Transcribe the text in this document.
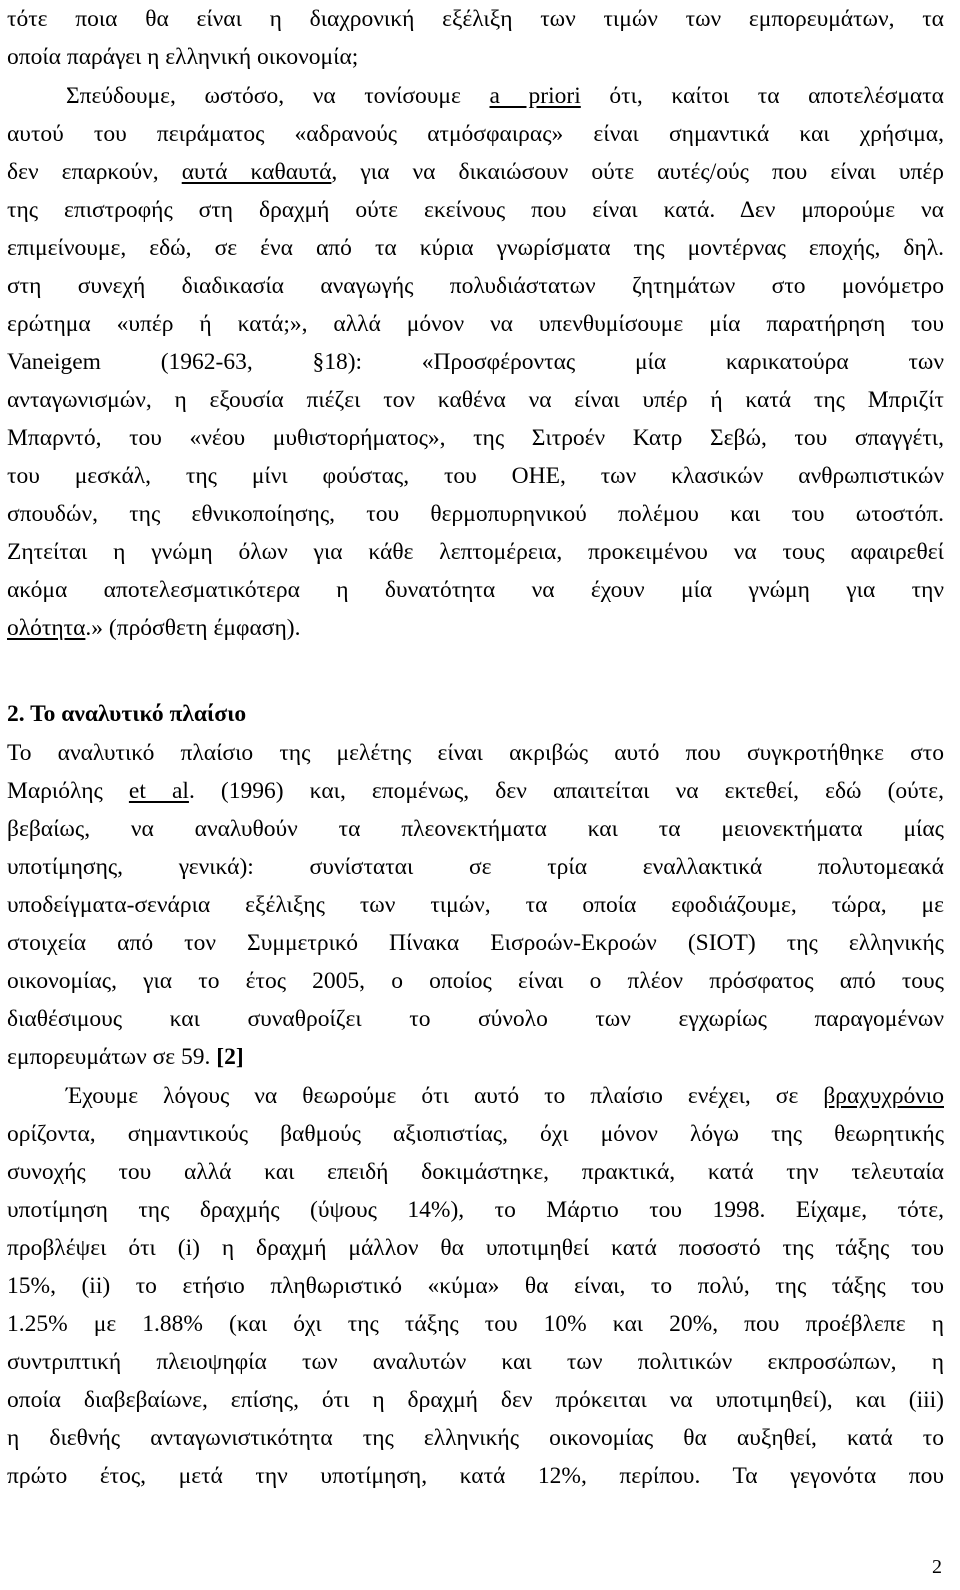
τότε ποια θα είναι η διαχρονική εξέλιξη των τιμών των εμπορευμάτων, τα
οποία παράγει η ελληνική οικονομία;
Σπεύδουμε, ωστόσο, να τονίσουμε a priori ότι, καίτοι τα αποτελέσματα
αυτού του πειράματος «αδρανούς ατμόσφαιρας» είναι σημαντικά και χρήσιμα,
δεν επαρκούν, αυτά καθαυτά, για να δικαιώσουν ούτε αυτές/ούς που είναι υπέρ
της επιστροφής στη δραχμή ούτε εκείνους που είναι κατά. Δεν μπορούμε να
επιμείνουμε, εδώ, σε ένα από τα κύρια γνωρίσματα της μοντέρνας εποχής, δηλ.
στη συνεχή διαδικασία αναγωγής πολυδιάστατων ζητημάτων στο μονόμετρο
ερώτημα «υπέρ ή κατά;», αλλά μόνον να υπενθυμίσουμε μία παρατήρηση του
Vaneigem (1962-63, §18): «Προσφέροντας μία καρικατούρα των
ανταγωνισμών, η εξουσία πιέζει τον καθένα να είναι υπέρ ή κατά της Μπριζίτ
Μπαρντό, του «νέου μυθιστορήματος», της Σιτροέν Κατρ Σεβώ, του σπαγγέτι,
του μεσκάλ, της μίνι φούστας, του ΟΗΕ, των κλασικών ανθρωπιστικών
σπουδών, της εθνικοποίησης, του θερμοπυρηνικού πολέμου και του ωτοστόπ.
Ζητείται η γνώμη όλων για κάθε λεπτομέρεια, προκειμένου να τους αφαιρεθεί
ακόμα αποτελεσματικότερα η δυνατότητα να έχουν μία γνώμη για την
ολότητα.» (πρόσθετη έμφαση).
2. Το αναλυτικό πλαίσιο
Το αναλυτικό πλαίσιο της μελέτης είναι ακριβώς αυτό που συγκροτήθηκε στο
Μαριόλης et al. (1996) και, επομένως, δεν απαιτείται να εκτεθεί, εδώ (ούτε,
βεβαίως, να αναλυθούν τα πλεονεκτήματα και τα μειονεκτήματα μίας
υποτίμησης, γενικά): συνίσταται σε τρία εναλλακτικά πολυτομεακά
υποδείγματα-σενάρια εξέλιξης των τιμών, τα οποία εφοδιάζουμε, τώρα, με
στοιχεία από τον Συμμετρικό Πίνακα Εισροών-Εκροών (SIOT) της ελληνικής
οικονομίας, για το έτος 2005, ο οποίος είναι ο πλέον πρόσφατος από τους
διαθέσιμους και συναθροίζει το σύνολο των εγχωρίως παραγομένων
εμπορευμάτων σε 59. [2]
Έχουμε λόγους να θεωρούμε ότι αυτό το πλαίσιο ενέχει, σε βραχυχρόνιο
ορίζοντα, σημαντικούς βαθμούς αξιοπιστίας, όχι μόνον λόγω της θεωρητικής
συνοχής του αλλά και επειδή δοκιμάστηκε, πρακτικά, κατά την τελευταία
υποτίμηση της δραχμής (ύψους 14%), το Μάρτιο του 1998. Είχαμε, τότε,
προβλέψει ότι (i) η δραχμή μάλλον θα υποτιμηθεί κατά ποσοστό της τάξης του
15%, (ii) το ετήσιο πληθωριστικό «κύμα» θα είναι, το πολύ, της τάξης του
1.25% με 1.88% (και όχι της τάξης του 10% και 20%, που προέβλεπε η
συντριπτική πλειοψηφία των αναλυτών και των πολιτικών εκπροσώπων, η
οποία διαβεβαίωνε, επίσης, ότι η δραχμή δεν πρόκειται να υποτιμηθεί), και (iii)
η διεθνής ανταγωνιστικότητα της ελληνικής οικονομίας θα αυξηθεί, κατά το
πρώτο έτος, μετά την υποτίμηση, κατά 12%, περίπου. Τα γεγονότα που
2
